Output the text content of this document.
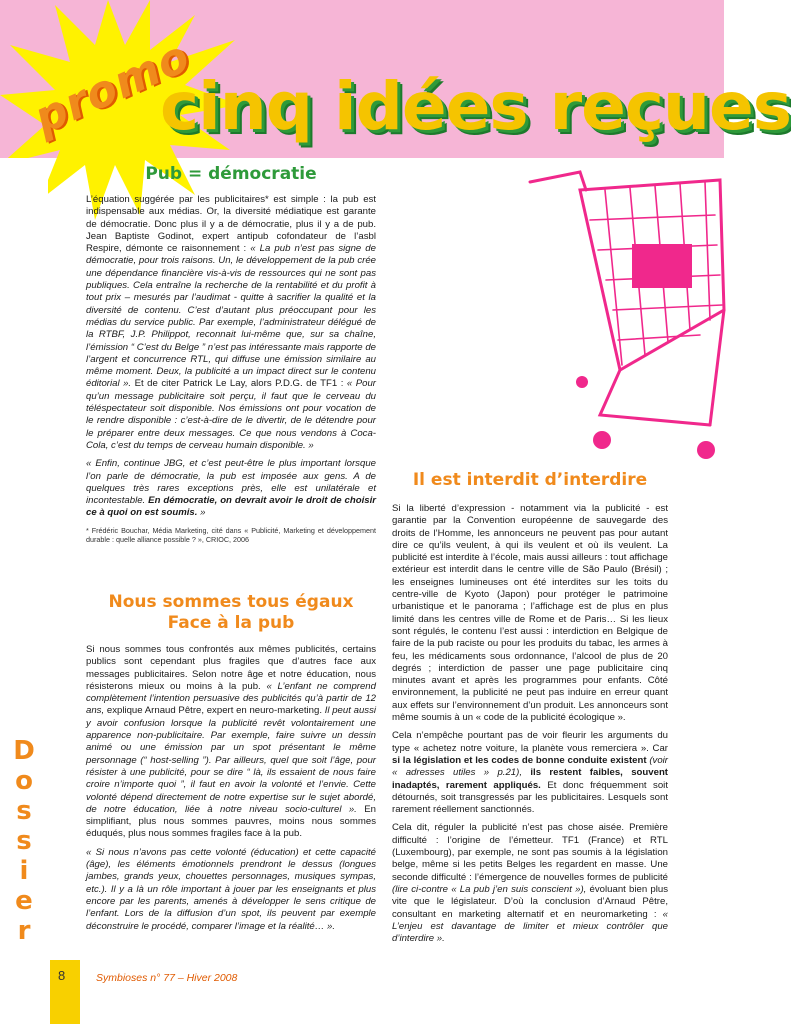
promo
cinq idées reçues
D
o
s
s
i
e
r
Pub = démocratie

L’équation suggérée par les publicitaires* est simple : la pub est indispensable aux médias. Or, la diversité médiatique est garante de démocratie. Donc plus il y a de démocratie, plus il y a de pub. Jean Baptiste Godinot, expert antipub cofondateur de l’asbl Respire, démonte ce raisonnement : « La pub n’est pas signe de démocratie, pour trois raisons. Un, le développement de la pub crée une dépendance financière vis-à-vis de ressources qui ne sont pas publiques. Cela entraîne la recherche de la rentabilité et du profit à tout prix – mesurés par l’audimat - quitte à sacrifier la qualité et la diversité de contenu. C’est d’autant plus préoccupant pour les médias du service public. Par exemple, l’administrateur délégué de la RTBF, J.P. Philippot, reconnait lui-même que, sur sa chaîne, l’émission “ C’est du Belge ” n’est pas intéressante mais rapporte de l’argent et concurrence RTL, qui diffuse une émission similaire au même moment. Deux, la publicité a un impact direct sur le contenu éditorial ». Et de citer Patrick Le Lay, alors P.D.G. de TF1 : « Pour qu’un message publicitaire soit perçu, il faut que le cerveau du téléspectateur soit disponible. Nos émissions ont pour vocation de le rendre disponible : c’est-à-dire de le divertir, de le détendre pour le préparer entre deux messages. Ce que nous vendons à Coca-Cola, c’est du temps de cerveau humain disponible. »

« Enfin, continue JBG, et c’est peut-être le plus important lorsque l’on parle de démocratie, la pub est imposée aux gens. A de quelques très rares exceptions près, elle est unilatérale et incontestable. En démocratie, on devrait avoir le droit de choisir ce à quoi on est soumis. »

* Frédéric Bouchar, Média Marketing, cité dans « Publicité, Marketing et développement durable : quelle alliance possible ? », CRIOC, 2006

Nous sommes tous égaux
Face à la pub

Si nous sommes tous confrontés aux mêmes publicités, certains publics sont cependant plus fragiles que d’autres face aux messages publicitaires. Selon notre âge et notre éducation, nous résisterons mieux ou moins à la pub. « L’enfant ne comprend complètement l’intention persuasive des publicités qu’à partir de 12 ans, explique Arnaud Pêtre, expert en neuro-marketing. Il peut aussi y avoir confusion lorsque la publicité revêt volontairement une apparence non-publicitaire. Par exemple, faire suivre un dessin animé ou une émission par un spot présentant le même personnage (“ host-selling ”). Par ailleurs, quel que soit l’âge, pour résister à une publicité, pour se dire “ là, ils essaient de nous faire croire n’importe quoi ”, il faut en avoir la volonté et l’envie. Cette volonté dépend directement de notre expertise sur le sujet abordé, de notre éducation, liée à notre niveau socio-culturel ». En simplifiant, plus nous sommes pauvres, moins nous sommes éduqués, plus nous sommes fragiles face à la pub.

« Si nous n’avons pas cette volonté (éducation) et cette capacité (âge), les éléments émotionnels prendront le dessus (longues jambes, grands yeux, chouettes personnages, musiques sympas, etc.). Il y a là un rôle important à jouer par les enseignants et plus encore par les parents, amenés à développer le sens critique de l’enfant. Lors de la diffusion d’un spot, ils peuvent par exemple déconstruire le procédé, comparer l’image et la réalité… ».

Il est interdit d’interdire

Si la liberté d’expression - notamment via la publicité - est garantie par la Convention européenne de sauvegarde des droits de l’Homme, les annonceurs ne peuvent pas pour autant dire ce qu’ils veulent, à qui ils veulent et où ils veulent. La publicité est interdite à l’école, mais aussi ailleurs : tout affichage extérieur est interdit dans le centre ville de São Paulo (Brésil) ; les enseignes lumineuses ont été interdites sur les toits du centre-ville de Kyoto (Japon) pour protéger le patrimoine urbanistique et le panorama ; l’affichage est de plus en plus limité dans les centres ville de Rome et de Paris… Si les lieux sont régulés, le contenu l’est aussi : interdiction en Belgique de faire de la pub raciste ou pour les produits du tabac, les armes à feu, les médicaments sous ordonnance, l’alcool de plus de 20 degrés ; interdiction de passer une page publicitaire cinq minutes avant et après les programmes pour enfants. Côté environnement, la publicité ne peut pas induire en erreur quant aux effets sur l’environnement d’un produit. Les annonceurs sont même soumis à un « code de la publicité écologique ».

Cela n’empêche pourtant pas de voir fleurir les arguments du type « achetez notre voiture, la planète vous remerciera ». Car si la législation et les codes de bonne conduite existent (voir « adresses utiles » p.21), ils restent faibles, souvent inadaptés, rarement appliqués. Et donc fréquemment soit détournés, soit transgressés par les publicitaires. Lesquels sont rarement réellement sanctionnés.

Cela dit, réguler la publicité n’est pas chose aisée. Première difficulté : l’origine de l’émetteur. TF1 (France) et RTL (Luxembourg), par exemple, ne sont pas soumis à la législation belge, même si les petits Belges les regardent en masse. Une seconde difficulté : l’émergence de nouvelles formes de publicité (lire ci-contre « La pub j’en suis conscient »), évoluant bien plus vite que le législateur. D’où la conclusion d’Arnaud Pêtre, consultant en marketing alternatif et en neuromarketing : « L’enjeu est davantage de limiter et mieux contrôler que d’interdire ».

8	Symbioses n° 77 – Hiver 2008
